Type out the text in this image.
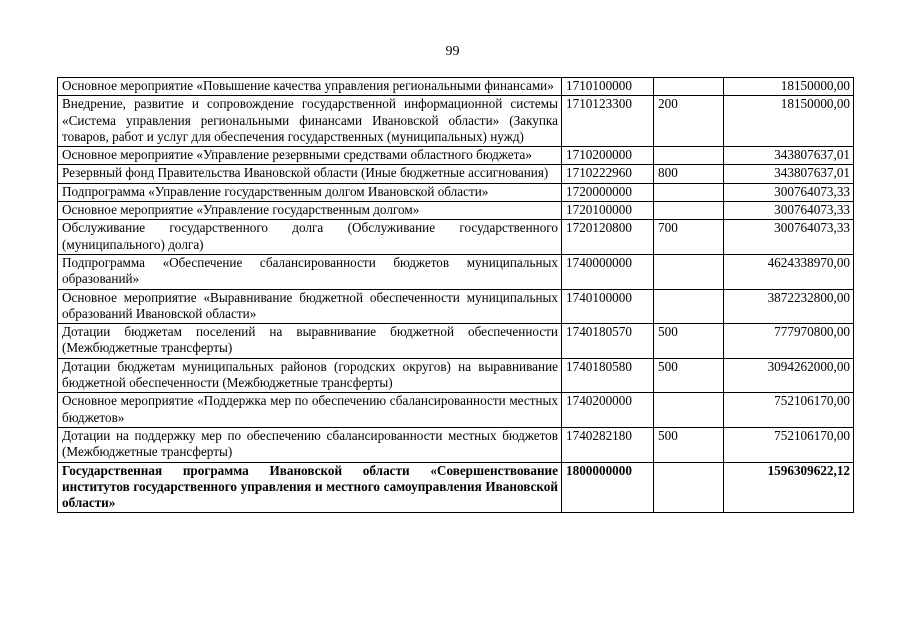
99
Основное мероприятие «Повышение качества управления региональными финансами»	1710100000		18150000,00
Внедрение, развитие и сопровождение государственной информационной системы «Система управления региональными финансами Ивановской области» (Закупка товаров, работ и услуг для обеспечения государственных (муниципальных) нужд)	1710123300	200	18150000,00
Основное мероприятие «Управление резервными средствами областного бюджета»	1710200000		343807637,01
Резервный фонд Правительства Ивановской области (Иные бюджетные ассигнования)	1710222960	800	343807637,01
Подпрограмма «Управление государственным долгом Ивановской области»	1720000000		300764073,33
Основное мероприятие «Управление государственным долгом»	1720100000		300764073,33
Обслуживание государственного долга (Обслуживание государственного (муниципального) долга)	1720120800	700	300764073,33
Подпрограмма «Обеспечение сбалансированности бюджетов муниципальных образований»	1740000000		4624338970,00
Основное мероприятие «Выравнивание бюджетной обеспеченности муниципальных образований Ивановской области»	1740100000		3872232800,00
Дотации бюджетам поселений на выравнивание бюджетной обеспеченности (Межбюджетные трансферты)	1740180570	500	777970800,00
Дотации бюджетам муниципальных районов (городских округов) на выравнивание бюджетной обеспеченности (Межбюджетные трансферты)	1740180580	500	3094262000,00
Основное мероприятие «Поддержка мер по обеспечению сбалансированности местных бюджетов»	1740200000		752106170,00
Дотации на поддержку мер по обеспечению сбалансированности местных бюджетов (Межбюджетные трансферты)	1740282180	500	752106170,00
Государственная программа Ивановской области «Совершенствование институтов государственного управления и местного самоуправления Ивановской области»	1800000000		1596309622,12
